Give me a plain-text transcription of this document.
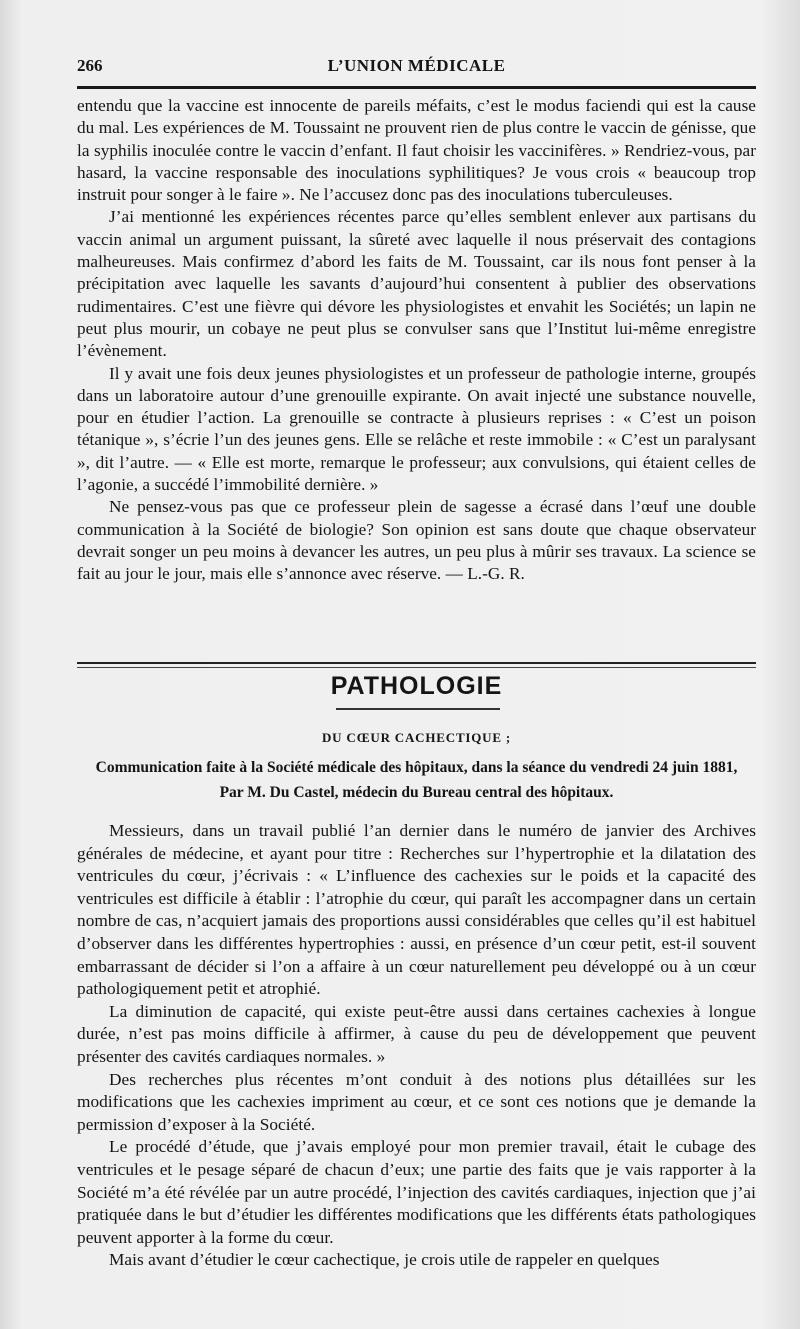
266	L’UNION MÉDICALE

entendu que la vaccine est innocente de pareils méfaits, c’est le modus faciendi qui est la cause du mal. Les expériences de M. Toussaint ne prouvent rien de plus contre le vaccin de génisse, que la syphilis inoculée contre le vaccin d’enfant. Il faut choisir les vaccinifères. » Rendriez-vous, par hasard, la vaccine responsable des inoculations syphilitiques? Je vous crois « beaucoup trop instruit pour songer à le faire ». Ne l’accusez donc pas des inoculations tuberculeuses.

J’ai mentionné les expériences récentes parce qu’elles semblent enlever aux partisans du vaccin animal un argument puissant, la sûreté avec laquelle il nous préservait des contagions malheureuses. Mais confirmez d’abord les faits de M. Toussaint, car ils nous font penser à la précipitation avec laquelle les savants d’aujourd’hui consentent à publier des observations rudimentaires. C’est une fièvre qui dévore les physiologistes et envahit les Sociétés; un lapin ne peut plus mourir, un cobaye ne peut plus se convulser sans que l’Institut lui-même enregistre l’évènement.

Il y avait une fois deux jeunes physiologistes et un professeur de pathologie interne, groupés dans un laboratoire autour d’une grenouille expirante. On avait injecté une substance nouvelle, pour en étudier l’action. La grenouille se contracte à plusieurs reprises : « C’est un poison tétanique », s’écrie l’un des jeunes gens. Elle se relâche et reste immobile : « C’est un paralysant », dit l’autre. — « Elle est morte, remarque le professeur; aux convulsions, qui étaient celles de l’agonie, a succédé l’immobilité dernière. »

Ne pensez-vous pas que ce professeur plein de sagesse a écrasé dans l’œuf une double communication à la Société de biologie? Son opinion est sans doute que chaque observateur devrait songer un peu moins à devancer les autres, un peu plus à mûrir ses travaux. La science se fait au jour le jour, mais elle s’annonce avec réserve. — L.-G. R.

PATHOLOGIE
DU CŒUR CACHECTIQUE ;
Communication faite à la Société médicale des hôpitaux, dans la séance du vendredi 24 juin 1881,
Par M. Du Castel, médecin du Bureau central des hôpitaux.

Messieurs, dans un travail publié l’an dernier dans le numéro de janvier des Archives générales de médecine, et ayant pour titre : Recherches sur l’hypertrophie et la dilatation des ventricules du cœur, j’écrivais : « L’influence des cachexies sur le poids et la capacité des ventricules est difficile à établir : l’atrophie du cœur, qui paraît les accompagner dans un certain nombre de cas, n’acquiert jamais des proportions aussi considérables que celles qu’il est habituel d’observer dans les différentes hypertrophies : aussi, en présence d’un cœur petit, est-il souvent embarrassant de décider si l’on a affaire à un cœur naturellement peu développé ou à un cœur pathologiquement petit et atrophié.

La diminution de capacité, qui existe peut-être aussi dans certaines cachexies à longue durée, n’est pas moins difficile à affirmer, à cause du peu de développement que peuvent présenter des cavités cardiaques normales. »

Des recherches plus récentes m’ont conduit à des notions plus détaillées sur les modifications que les cachexies impriment au cœur, et ce sont ces notions que je demande la permission d’exposer à la Société.

Le procédé d’étude, que j’avais employé pour mon premier travail, était le cubage des ventricules et le pesage séparé de chacun d’eux; une partie des faits que je vais rapporter à la Société m’a été révélée par un autre procédé, l’injection des cavités cardiaques, injection que j’ai pratiquée dans le but d’étudier les différentes modifications que les différents états pathologiques peuvent apporter à la forme du cœur.

Mais avant d’étudier le cœur cachectique, je crois utile de rappeler en quelques
